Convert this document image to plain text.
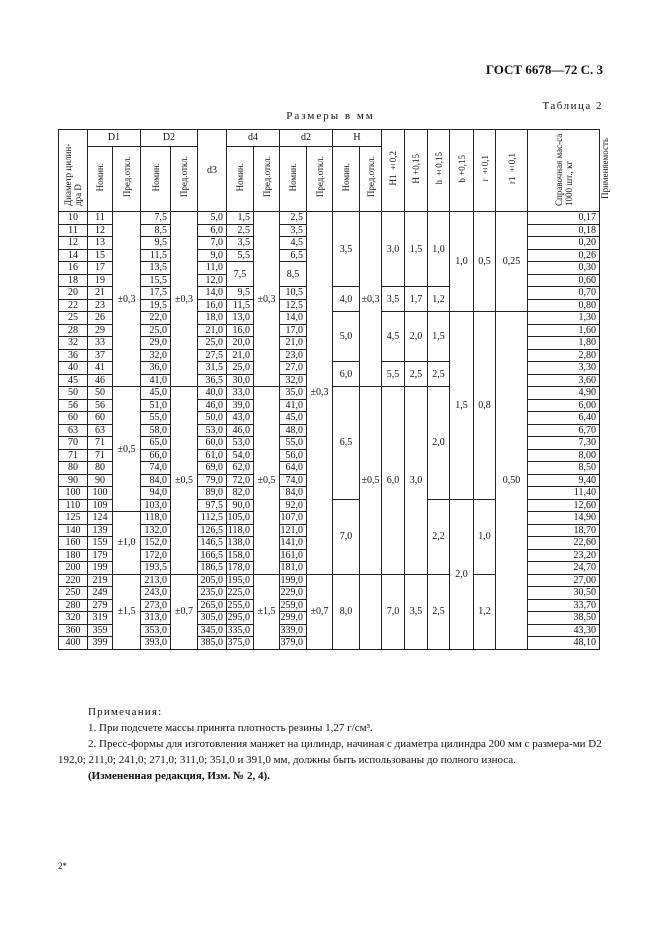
ГОСТ 6678—72 С. 3
Таблица 2
Размеры в мм
Диаметр цилин-дра D	D1		D2		d3	d4		d2		H		H1 ±0,2	H +0,15	h ±0,15	b +0,15	r ±0,1	r1 ±0,1	Справочная мас-са 1000 шт., кг	Применяемость
	Номин.	Пред.откл.	Номин.	Пред.откл.		Номин.	Пред.откл.	Номин.	Пред.откл.	Номин.	Пред.откл.								
10	11	±0,3	7,5	±0,3	5,0	1,5	±0,3	2,5	±0,3	3,5	±0,3	3,0	1,5	1,0	1,0	0,5	0,25	0,17	
11	12		8,5		6,0	2,5		3,5										0,18	
12	13		9,5		7,0	3,5		4,5										0,20	
14	15		11,5		9,0	5,5		6,5										0,26	
16	17		13,5		11,0	7,5		8,5										0,30	
18	19		15,5		12,0													0,60	
20	21		17,5		14,0	9,5		10,5		4,0		3,5	1,7	1,2				0,70	
22	23		19,5		16,0	11,5		12,5										0,80	
25	26		22,0		18,0	13,0		14,0		5,0		4,5	2,0	1,5	1,5	0,8	0,50	1,30	
28	29		25,0		21,0	16,0		17,0										1,60	
32	33		29,0		25,0	20,0		21,0										1,80	
36	37		32,0		27,5	21,0		23,0										2,80	
40	41		36,0		31,5	25,0		27,0		6,0		5,5	2,5	2,5				3,30	
45	46		41,0		36,5	30,0		32,0										3,60	
50	50	±0,5	45,0	±0,5	40,0	33,0	±0,5	35,0		6,5	±0,5	6,0	3,0	2,0				4,90	
56	56		51,0		46,0	39,0		41,0										6,00	
60	60		55,0		50,0	43,0		45,0										6,40	
63	63		58,0		53,0	46,0		48,0										6,70	
70	71		65,0		60,0	53,0		55,0										7,30	
71	71		66,0		61,0	54,0		56,0										8,00	
80	80		74,0		69,0	62,0		64,0										8,50	
90	90		84,0		79,0	72,0		74,0										9,40	
100	100		94,0		89,0	82,0		84,0										11,40	
110	109		103,0		97,5	90,0		92,0		7,0				2,2	2,0	1,0		12,60	
125	124	±1,0	118,0		112,5	105,0		107,0										14,90	
140	139		132,0		126,5	118,0		121,0										18,70	
160	159		152,0		146,5	138,0		141,0										22,60	
180	179		172,0		166,5	158,0		161,0										23,20	
200	199		193,5		186,5	178,0		181,0										24,70	
220	219	±1,5	213,0	±0,7	205,0	195,0	±1,5	199,0	±0,7	8,0		7,0	3,5	2,5		1,2		27,00	
250	249		243,0		235,0	225,0		229,0										30,50	
280	279		273,0		265,0	255,0		259,0										33,70	
320	319		313,0		305,0	295,0		299,0										38,50	
360	359		353,0		345,0	335,0		339,0										43,30	
400	399		393,0		385,0	375,0		379,0										48,10	

Примечания:

1. При подсчете массы принята плотность резины 1,27 г/см³.

2. Пресс-формы для изготовления манжет на цилиндр, начиная с диаметра цилиндра 200 мм с размера-ми D2 192,0; 211,0; 241,0; 271,0; 311,0; 351,0 и 391,0 мм, должны быть использованы до полного износа.

(Измененная редакция, Изм. № 2, 4).
2*
